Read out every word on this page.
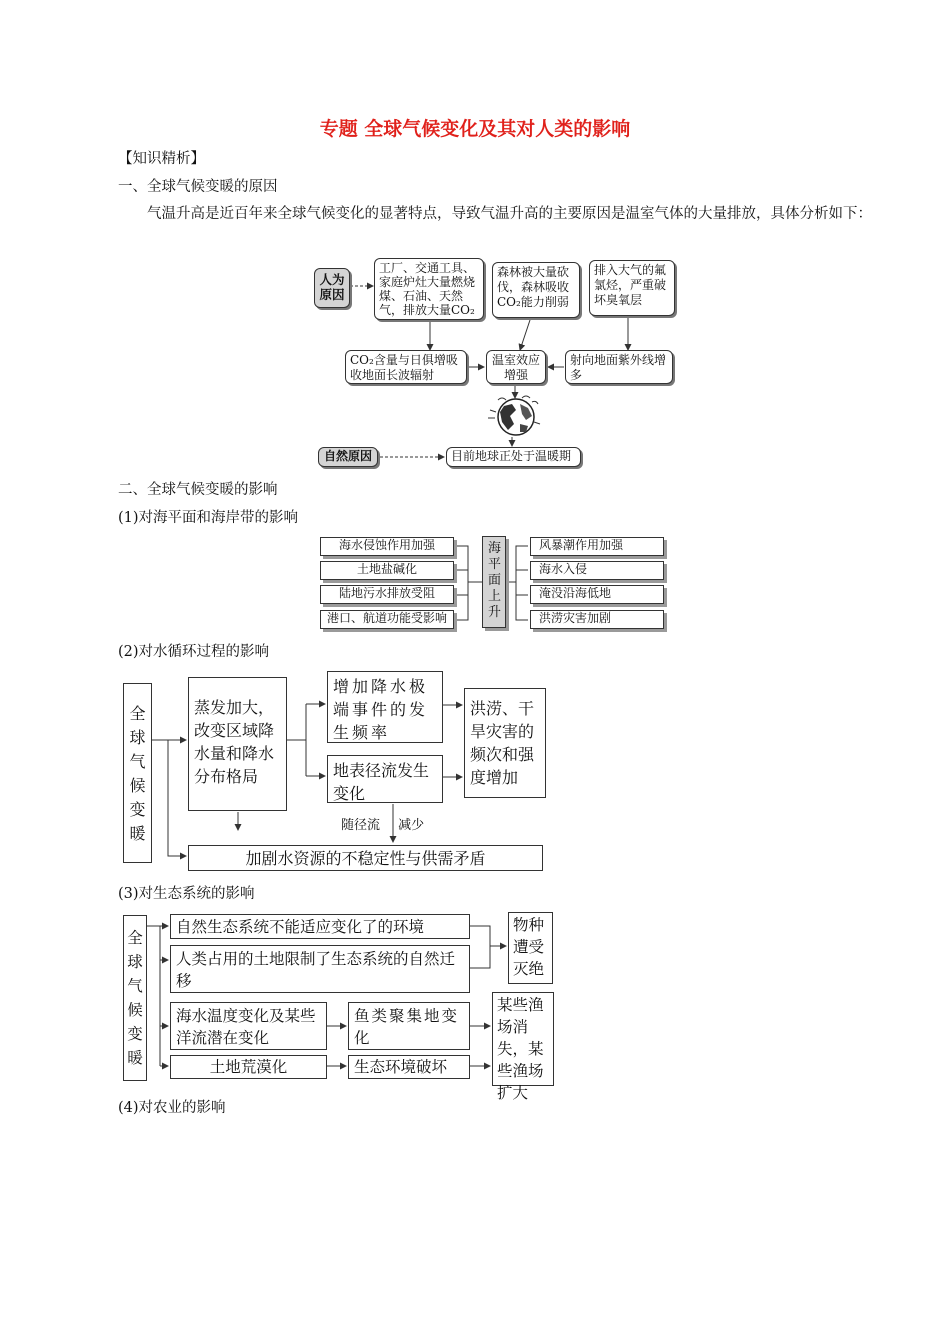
专题 全球气候变化及其对人类的影响
【知识精析】
一、全球气候变暖的原因
气温升高是近百年来全球气候变化的显著特点，导致气温升高的主要原因是温室气体的大量排放，具体分析如下：
二、全球气候变暖的影响
(1)对海平面和海岸带的影响
(2)对水循环过程的影响
(3)对生态系统的影响
(4)对农业的影响
人为原因
工厂、交通工具、家庭炉灶大量燃烧煤、石油、天然气，排放大量CO₂
森林被大量砍伐，森林吸收CO₂能力削弱
排入大气的氟氯烃，严重破坏臭氧层
CO₂含量与日俱增吸收地面长波辐射
温室效应增强
射向地面紫外线增多
自然原因	目前地球正处于温暖期
海平面上升
海水侵蚀作用加强
土地盐碱化
陆地污水排放受阻
港口、航道功能受影响
风暴潮作用加强
海水入侵
淹没沿海低地
洪涝灾害加剧
全球气候变暖
蒸发加大，改变区域降水量和降水分布格局
增加降水极端事件的发生频率
地表径流发生变化
洪涝、干旱灾害的频次和强度增加
随径流 减少
加剧水资源的不稳定性与供需矛盾
全球气候变暖
自然生态系统不能适应变化了的环境
人类占用的土地限制了生态系统的自然迁移
物种遭受灭绝
海水温度变化及某些洋流潜在变化
鱼类聚集地变化
某些渔场消失，某些渔场扩大
土地荒漠化	生态环境破坏
